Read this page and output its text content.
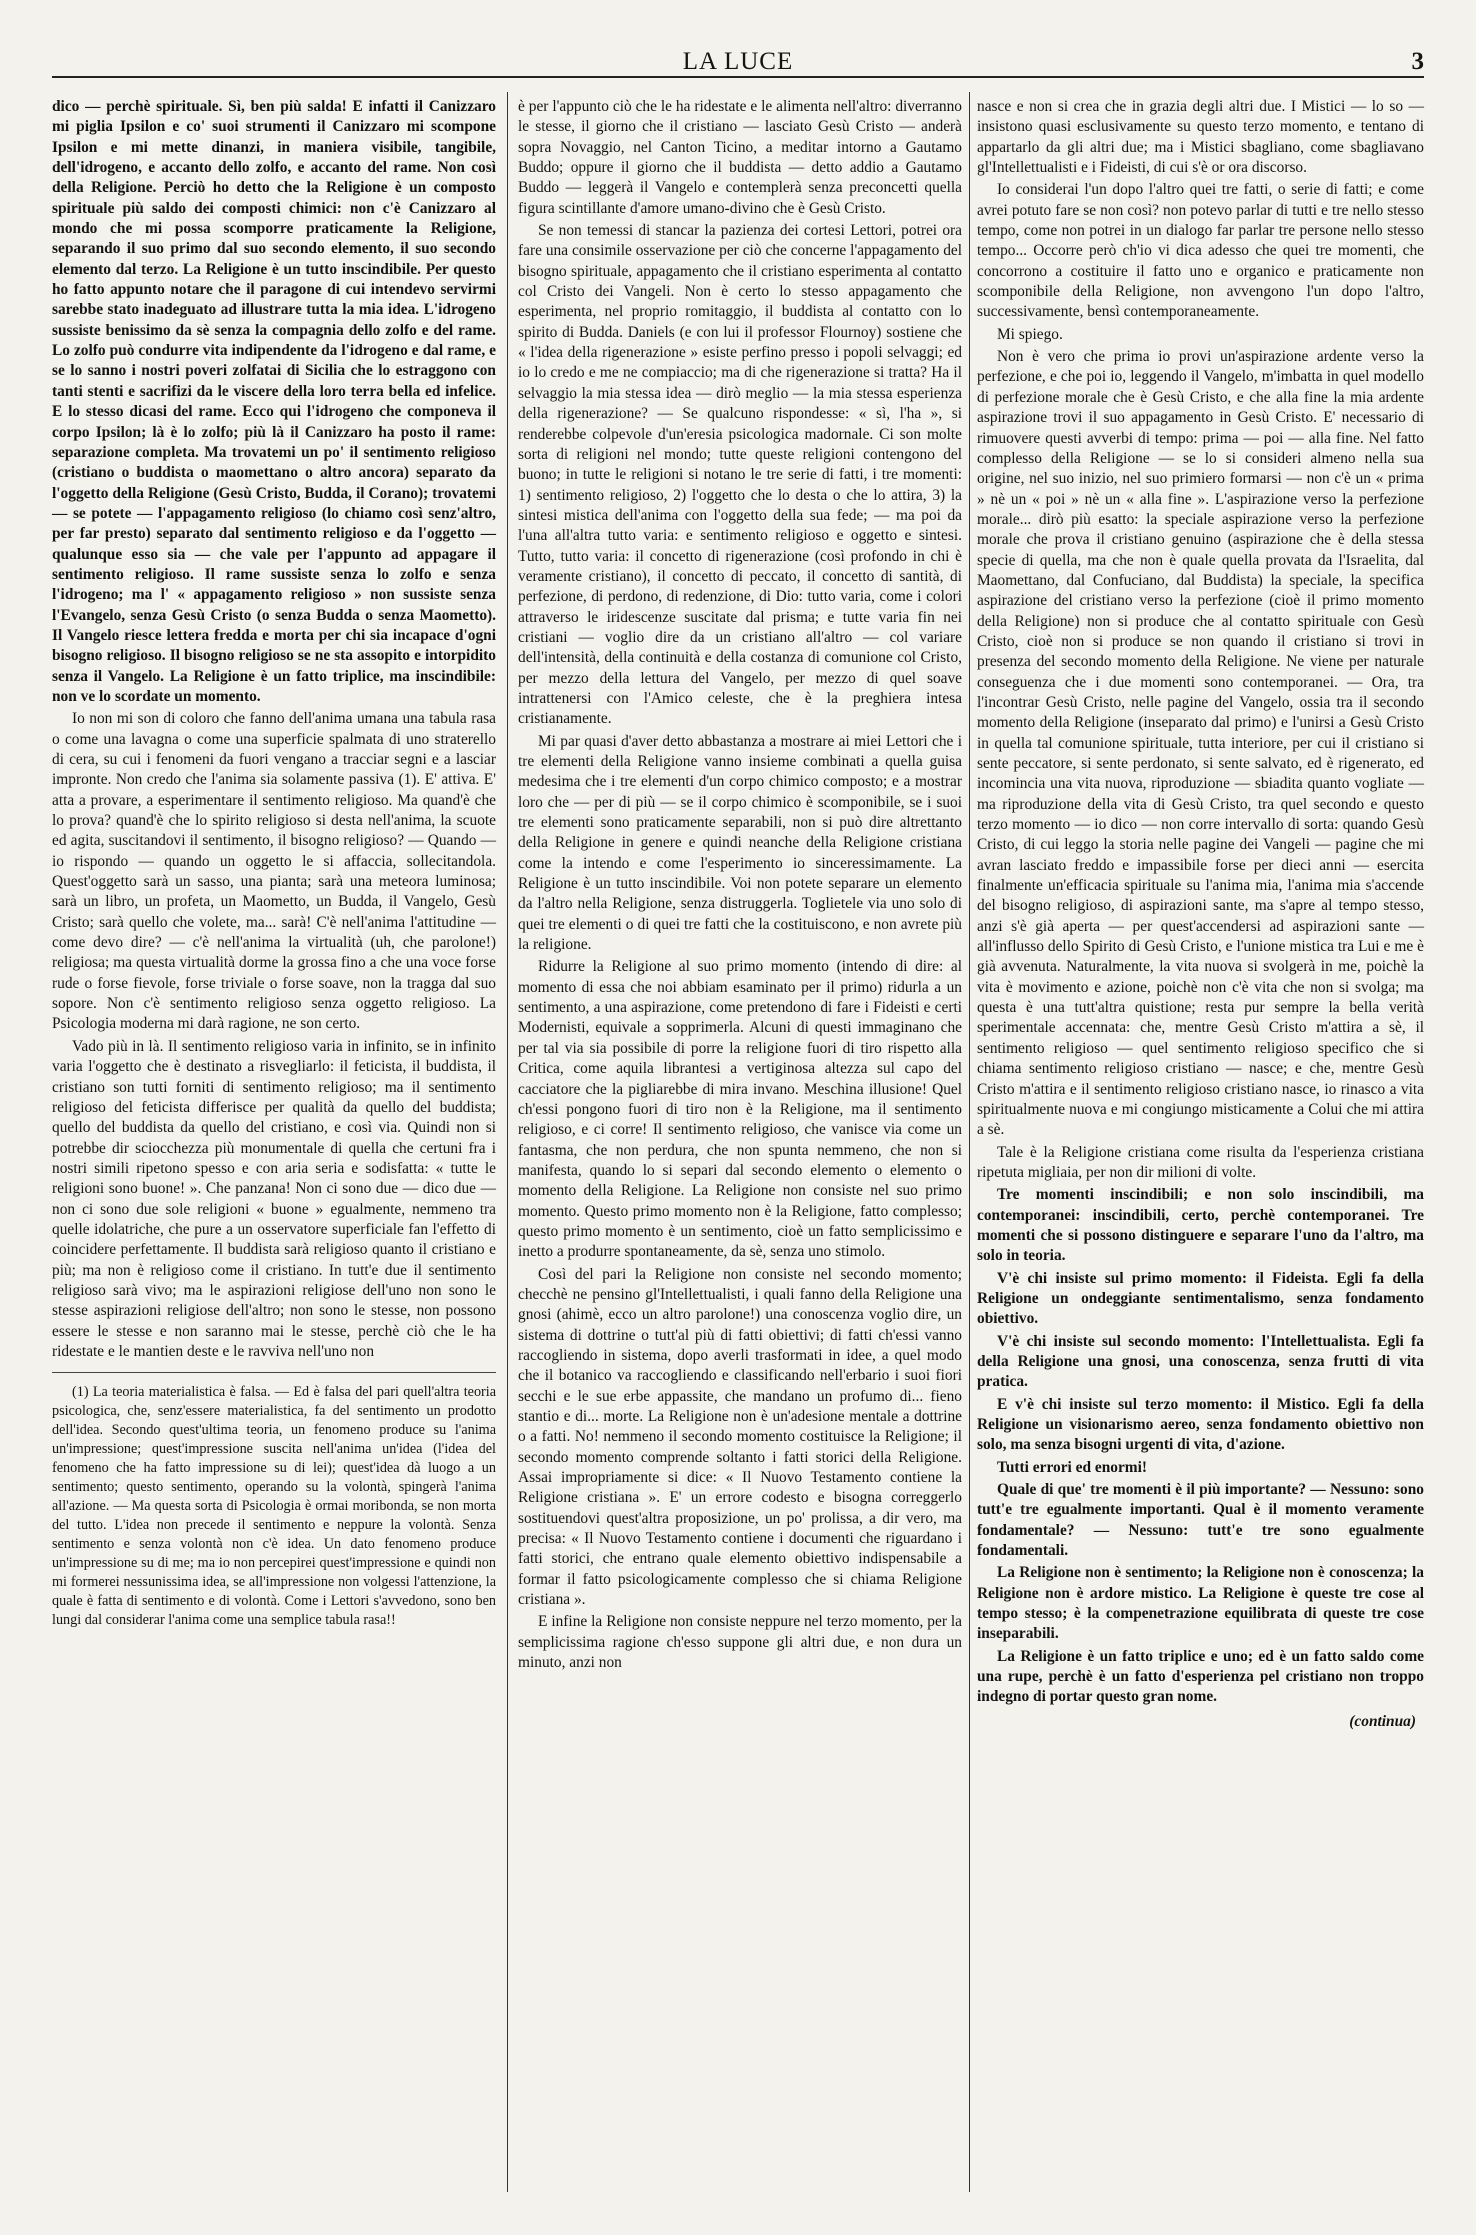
LA LUCE	3

dico — perchè spirituale. Sì, ben più salda! E infatti il Canizzaro mi piglia Ipsilon e co' suoi strumenti il Canizzaro mi scompone Ipsilon e mi mette dinanzi, in maniera visibile, tangibile, dell'idrogeno, e accanto dello zolfo, e accanto del rame. Non così della Religione. Perciò ho detto che la Religione è un composto spirituale più saldo dei composti chimici: non c'è Canizzaro al mondo che mi possa scomporre praticamente la Religione, separando il suo primo dal suo secondo elemento, il suo secondo elemento dal terzo. La Religione è un tutto inscindibile. Per questo ho fatto appunto notare che il paragone di cui intendevo servirmi sarebbe stato inadeguato ad illustrare tutta la mia idea. L'idrogeno sussiste benissimo da sè senza la compagnia dello zolfo e del rame. Lo zolfo può condurre vita indipendente da l'idrogeno e dal rame, e se lo sanno i nostri poveri zolfatai di Sicilia che lo estraggono con tanti stenti e sacrifizi da le viscere della loro terra bella ed infelice. E lo stesso dicasi del rame. Ecco qui l'idrogeno che componeva il corpo Ipsilon; là è lo zolfo; più là il Canizzaro ha posto il rame: separazione completa. Ma trovatemi un po' il sentimento religioso (cristiano o buddista o maomettano o altro ancora) separato da l'oggetto della Religione (Gesù Cristo, Budda, il Corano); trovatemi — se potete — l'appagamento religioso (lo chiamo così senz'altro, per far presto) separato dal sentimento religioso e da l'oggetto — qualunque esso sia — che vale per l'appunto ad appagare il sentimento religioso. Il rame sussiste senza lo zolfo e senza l'idrogeno; ma l' « appagamento religioso » non sussiste senza l'Evangelo, senza Gesù Cristo (o senza Budda o senza Maometto). Il Vangelo riesce lettera fredda e morta per chi sia incapace d'ogni bisogno religioso. Il bisogno religioso se ne sta assopito e intorpidito senza il Vangelo. La Religione è un fatto triplice, ma inscindibile: non ve lo scordate un momento.

Io non mi son di coloro che fanno dell'anima umana una tabula rasa o come una lavagna o come una superficie spalmata di uno straterello di cera, su cui i fenomeni da fuori vengano a tracciar segni e a lasciar impronte. Non credo che l'anima sia solamente passiva (1). E' attiva. E' atta a provare, a esperimentare il sentimento religioso. Ma quand'è che lo prova? quand'è che lo spirito religioso si desta nell'anima, la scuote ed agita, suscitandovi il sentimento, il bisogno religioso? — Quando — io rispondo — quando un oggetto le si affaccia, sollecitandola. Quest'oggetto sarà un sasso, una pianta; sarà una meteora luminosa; sarà un libro, un profeta, un Maometto, un Budda, il Vangelo, Gesù Cristo; sarà quello che volete, ma... sarà! C'è nell'anima l'attitudine — come devo dire? — c'è nell'anima la virtualità (uh, che parolone!) religiosa; ma questa virtualità dorme la grossa fino a che una voce forse rude o forse fievole, forse triviale o forse soave, non la tragga dal suo sopore. Non c'è sentimento religioso senza oggetto religioso. La Psicologia moderna mi darà ragione, ne son certo.

Vado più in là. Il sentimento religioso varia in infinito, se in infinito varia l'oggetto che è destinato a risvegliarlo: il feticista, il buddista, il cristiano son tutti forniti di sentimento religioso; ma il sentimento religioso del feticista differisce per qualità da quello del buddista; quello del buddista da quello del cristiano, e così via. Quindi non si potrebbe dir sciocchezza più monumentale di quella che certuni fra i nostri simili ripetono spesso e con aria seria e sodisfatta: « tutte le religioni sono buone! ». Che panzana! Non ci sono due — dico due — non ci sono due sole religioni « buone » egualmente, nemmeno tra quelle idolatriche, che pure a un osservatore superficiale fan l'effetto di coincidere perfettamente. Il buddista sarà religioso quanto il cristiano e più; ma non è religioso come il cristiano. In tutt'e due il sentimento religioso sarà vivo; ma le aspirazioni religiose dell'uno non sono le stesse aspirazioni religiose dell'altro; non sono le stesse, non possono essere le stesse e non saranno mai le stesse, perchè ciò che le ha ridestate e le mantien deste e le ravviva nell'uno non

(1) La teoria materialistica è falsa. — Ed è falsa del pari quell'altra teoria psicologica, che, senz'essere materialistica, fa del sentimento un prodotto dell'idea. Secondo quest'ultima teoria, un fenomeno produce su l'anima un'impressione; quest'impressione suscita nell'anima un'idea (l'idea del fenomeno che ha fatto impressione su di lei); quest'idea dà luogo a un sentimento; questo sentimento, operando su la volontà, spingerà l'anima all'azione. — Ma questa sorta di Psicologia è ormai moribonda, se non morta del tutto. L'idea non precede il sentimento e neppure la volontà. Senza sentimento e senza volontà non c'è idea. Un dato fenomeno produce un'impressione su di me; ma io non percepirei quest'impressione e quindi non mi formerei nessunissima idea, se all'impressione non volgessi l'attenzione, la quale è fatta di sentimento e di volontà. Come i Lettori s'avvedono, sono ben lungi dal considerar l'anima come una semplice tabula rasa!!

è per l'appunto ciò che le ha ridestate e le alimenta nell'altro: diverranno le stesse, il giorno che il cristiano — lasciato Gesù Cristo — anderà sopra Novaggio, nel Canton Ticino, a meditar intorno a Gautamo Buddo; oppure il giorno che il buddista — detto addio a Gautamo Buddo — leggerà il Vangelo e contemplerà senza preconcetti quella figura scintillante d'amore umano-divino che è Gesù Cristo.

Se non temessi di stancar la pazienza dei cortesi Lettori, potrei ora fare una consimile osservazione per ciò che concerne l'appagamento del bisogno spirituale, appagamento che il cristiano esperimenta al contatto col Cristo dei Vangeli. Non è certo lo stesso appagamento che esperimenta, nel proprio romitaggio, il buddista al contatto con lo spirito di Budda. Daniels (e con lui il professor Flournoy) sostiene che « l'idea della rigenerazione » esiste perfino presso i popoli selvaggi; ed io lo credo e me ne compiaccio; ma di che rigenerazione si tratta? Ha il selvaggio la mia stessa idea — dirò meglio — la mia stessa esperienza della rigenerazione? — Se qualcuno rispondesse: « sì, l'ha », si renderebbe colpevole d'un'eresia psicologica madornale. Ci son molte sorta di religioni nel mondo; tutte queste religioni contengono del buono; in tutte le religioni si notano le tre serie di fatti, i tre momenti: 1) sentimento religioso, 2) l'oggetto che lo desta o che lo attira, 3) la sintesi mistica dell'anima con l'oggetto della sua fede; — ma poi da l'una all'altra tutto varia: e sentimento religioso e oggetto e sintesi. Tutto, tutto varia: il concetto di rigenerazione (così profondo in chi è veramente cristiano), il concetto di peccato, il concetto di santità, di perfezione, di perdono, di redenzione, di Dio: tutto varia, come i colori attraverso le iridescenze suscitate dal prisma; e tutte varia fin nei cristiani — voglio dire da un cristiano all'altro — col variare dell'intensità, della continuità e della costanza di comunione col Cristo, per mezzo della lettura del Vangelo, per mezzo di quel soave intrattenersi con l'Amico celeste, che è la preghiera intesa cristianamente.

Mi par quasi d'aver detto abbastanza a mostrare ai miei Lettori che i tre elementi della Religione vanno insieme combinati a quella guisa medesima che i tre elementi d'un corpo chimico composto; e a mostrar loro che — per di più — se il corpo chimico è scomponibile, se i suoi tre elementi sono praticamente separabili, non si può dire altrettanto della Religione in genere e quindi neanche della Religione cristiana come la intendo e come l'esperimento io sinceressimamente. La Religione è un tutto inscindibile. Voi non potete separare un elemento da l'altro nella Religione, senza distruggerla. Toglietele via uno solo di quei tre elementi o di quei tre fatti che la costituiscono, e non avrete più la religione.

Ridurre la Religione al suo primo momento (intendo di dire: al momento di essa che noi abbiam esaminato per il primo) ridurla a un sentimento, a una aspirazione, come pretendono di fare i Fideisti e certi Modernisti, equivale a sopprimerla. Alcuni di questi immaginano che per tal via sia possibile di porre la religione fuori di tiro rispetto alla Critica, come aquila librantesi a vertiginosa altezza sul capo del cacciatore che la pigliarebbe di mira invano. Meschina illusione! Quel ch'essi pongono fuori di tiro non è la Religione, ma il sentimento religioso, e ci corre! Il sentimento religioso, che vanisce via come un fantasma, che non perdura, che non spunta nemmeno, che non si manifesta, quando lo si separi dal secondo elemento o elemento o momento della Religione. La Religione non consiste nel suo primo momento. Questo primo momento non è la Religione, fatto complesso; questo primo momento è un sentimento, cioè un fatto semplicissimo e inetto a produrre spontaneamente, da sè, senza uno stimolo.

Così del pari la Religione non consiste nel secondo momento; checchè ne pensino gl'Intellettualisti, i quali fanno della Religione una gnosi (ahimè, ecco un altro parolone!) una conoscenza voglio dire, un sistema di dottrine o tutt'al più di fatti obiettivi; di fatti ch'essi vanno raccogliendo in sistema, dopo averli trasformati in idee, a quel modo che il botanico va raccogliendo e classificando nell'erbario i suoi fiori secchi e le sue erbe appassite, che mandano un profumo di... fieno stantio e di... morte. La Religione non è un'adesione mentale a dottrine o a fatti. No! nemmeno il secondo momento costituisce la Religione; il secondo momento comprende soltanto i fatti storici della Religione. Assai impropriamente si dice: « Il Nuovo Testamento contiene la Religione cristiana ». E' un errore codesto e bisogna correggerlo sostituendovi quest'altra proposizione, un po' prolissa, a dir vero, ma precisa: « Il Nuovo Testamento contiene i documenti che riguardano i fatti storici, che entrano quale elemento obiettivo indispensabile a formar il fatto psicologicamente complesso che si chiama Religione cristiana ».

E infine la Religione non consiste neppure nel terzo momento, per la semplicissima ragione ch'esso suppone gli altri due, e non dura un minuto, anzi non

nasce e non si crea che in grazia degli altri due. I Mistici — lo so — insistono quasi esclusivamente su questo terzo momento, e tentano di appartarlo da gli altri due; ma i Mistici sbagliano, come sbagliavano gl'Intellettualisti e i Fideisti, di cui s'è or ora discorso.

Io considerai l'un dopo l'altro quei tre fatti, o serie di fatti; e come avrei potuto fare se non così? non potevo parlar di tutti e tre nello stesso tempo, come non potrei in un dialogo far parlar tre persone nello stesso tempo... Occorre però ch'io vi dica adesso che quei tre momenti, che concorrono a costituire il fatto uno e organico e praticamente non scomponibile della Religione, non avvengono l'un dopo l'altro, successivamente, bensì contemporaneamente.

Mi spiego.

Non è vero che prima io provi un'aspirazione ardente verso la perfezione, e che poi io, leggendo il Vangelo, m'imbatta in quel modello di perfezione morale che è Gesù Cristo, e che alla fine la mia ardente aspirazione trovi il suo appagamento in Gesù Cristo. E' necessario di rimuovere questi avverbi di tempo: prima — poi — alla fine. Nel fatto complesso della Religione — se lo si consideri almeno nella sua origine, nel suo inizio, nel suo primiero formarsi — non c'è un « prima » nè un « poi » nè un « alla fine ». L'aspirazione verso la perfezione morale... dirò più esatto: la speciale aspirazione verso la perfezione morale che prova il cristiano genuino (aspirazione che è della stessa specie di quella, ma che non è quale quella provata da l'Israelita, dal Maomettano, dal Confuciano, dal Buddista) la speciale, la specifica aspirazione del cristiano verso la perfezione (cioè il primo momento della Religione) non si produce che al contatto spirituale con Gesù Cristo, cioè non si produce se non quando il cristiano si trovi in presenza del secondo momento della Religione. Ne viene per naturale conseguenza che i due momenti sono contemporanei. — Ora, tra l'incontrar Gesù Cristo, nelle pagine del Vangelo, ossia tra il secondo momento della Religione (inseparato dal primo) e l'unirsi a Gesù Cristo in quella tal comunione spirituale, tutta interiore, per cui il cristiano si sente peccatore, si sente perdonato, si sente salvato, ed è rigenerato, ed incomincia una vita nuova, riproduzione — sbiadita quanto vogliate — ma riproduzione della vita di Gesù Cristo, tra quel secondo e questo terzo momento — io dico — non corre intervallo di sorta: quando Gesù Cristo, di cui leggo la storia nelle pagine dei Vangeli — pagine che mi avran lasciato freddo e impassibile forse per dieci anni — esercita finalmente un'efficacia spirituale su l'anima mia, l'anima mia s'accende del bisogno religioso, di aspirazioni sante, ma s'apre al tempo stesso, anzi s'è già aperta — per quest'accendersi ad aspirazioni sante — all'influsso dello Spirito di Gesù Cristo, e l'unione mistica tra Lui e me è già avvenuta. Naturalmente, la vita nuova si svolgerà in me, poichè la vita è movimento e azione, poichè non c'è vita che non si svolga; ma questa è una tutt'altra quistione; resta pur sempre la bella verità sperimentale accennata: che, mentre Gesù Cristo m'attira a sè, il sentimento religioso — quel sentimento religioso specifico che si chiama sentimento religioso cristiano — nasce; e che, mentre Gesù Cristo m'attira e il sentimento religioso cristiano nasce, io rinasco a vita spiritualmente nuova e mi congiungo misticamente a Colui che mi attira a sè.

Tale è la Religione cristiana come risulta da l'esperienza cristiana ripetuta migliaia, per non dir milioni di volte.

Tre momenti inscindibili; e non solo inscindibili, ma contemporanei: inscindibili, certo, perchè contemporanei. Tre momenti che si possono distinguere e separare l'uno da l'altro, ma solo in teoria.

V'è chi insiste sul primo momento: il Fideista. Egli fa della Religione un ondeggiante sentimentalismo, senza fondamento obiettivo.

V'è chi insiste sul secondo momento: l'Intellettualista. Egli fa della Religione una gnosi, una conoscenza, senza frutti di vita pratica.

E v'è chi insiste sul terzo momento: il Mistico. Egli fa della Religione un visionarismo aereo, senza fondamento obiettivo non solo, ma senza bisogni urgenti di vita, d'azione.

Tutti errori ed enormi!

Quale di que' tre momenti è il più importante? — Nessuno: sono tutt'e tre egualmente importanti. Qual è il momento veramente fondamentale? — Nessuno: tutt'e tre sono egualmente fondamentali.

La Religione non è sentimento; la Religione non è conoscenza; la Religione non è ardore mistico. La Religione è queste tre cose al tempo stesso; è la compenetrazione equilibrata di queste tre cose inseparabili.

La Religione è un fatto triplice e uno; ed è un fatto saldo come una rupe, perchè è un fatto d'esperienza pel cristiano non troppo indegno di portar questo gran nome.

(continua)
